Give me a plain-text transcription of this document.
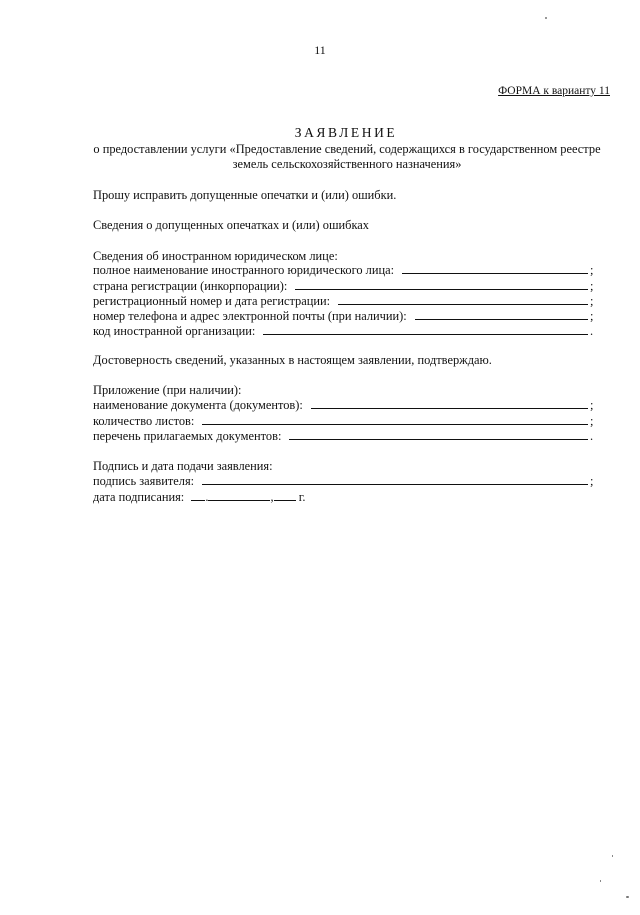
11
ФОРМА к варианту 11
ЗАЯВЛЕНИЕ
о предоставлении услуги «Предоставление сведений, содержащихся в государственном реестре земель сельскохозяйственного назначения»
Прошу исправить допущенные опечатки и (или) ошибки.
Сведения о допущенных опечатках и (или) ошибках
Сведения об иностранном юридическом лице:
полное наименование иностранного юридического лица:	;
страна регистрации (инкорпорации):	;
регистрационный номер и дата регистрации:	;
номер телефона и адрес электронной почты (при наличии):	;
код иностранной организации:	.
Достоверность сведений, указанных в настоящем заявлении, подтверждаю.
Приложение (при наличии):
наименование документа (документов):	;
количество листов:	;
перечень прилагаемых документов:	.
Подпись и дата подачи заявления:
подпись заявителя:	;
дата подписания: .	, г.
